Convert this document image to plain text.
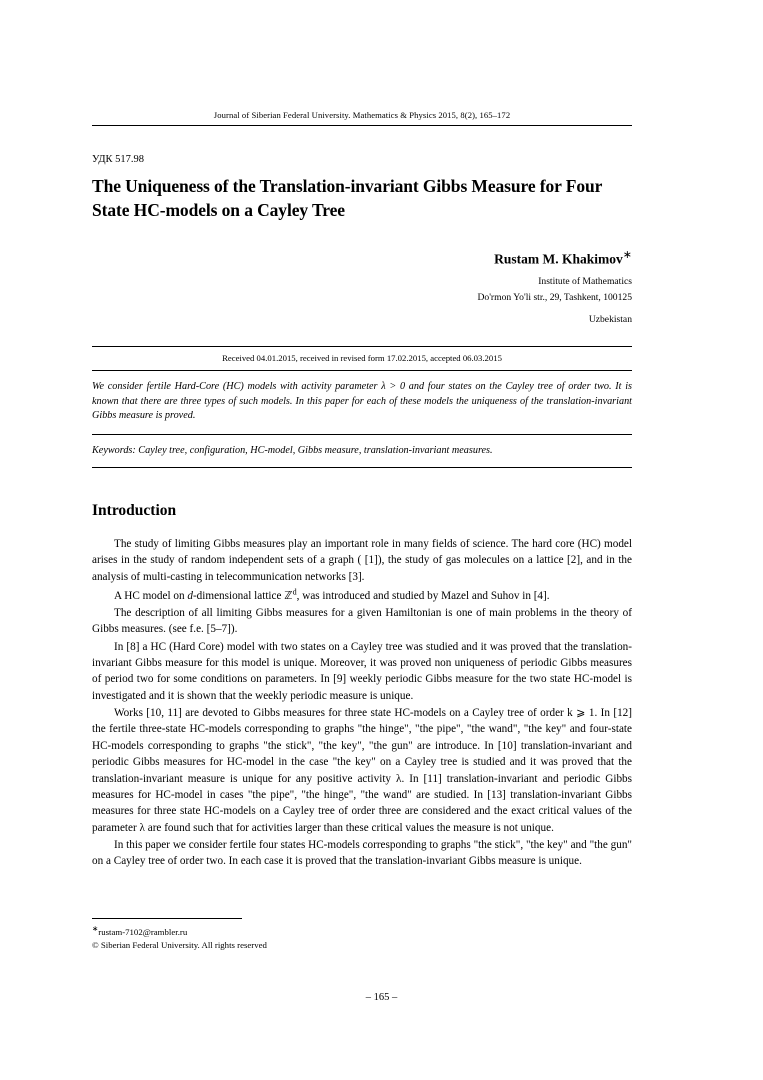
Journal of Siberian Federal University. Mathematics & Physics 2015, 8(2), 165–172
УДК 517.98
The Uniqueness of the Translation-invariant Gibbs Measure for Four State HC-models on a Cayley Tree
Rustam M. Khakimov∗
Institute of Mathematics
Do'rmon Yo'li str., 29, Tashkent, 100125
Uzbekistan
Received 04.01.2015, received in revised form 17.02.2015, accepted 06.03.2015
We consider fertile Hard-Core (HC) models with activity parameter λ > 0 and four states on the Cayley tree of order two. It is known that there are three types of such models. In this paper for each of these models the uniqueness of the translation-invariant Gibbs measure is proved.
Keywords: Cayley tree, configuration, HC-model, Gibbs measure, translation-invariant measures.
Introduction

The study of limiting Gibbs measures play an important role in many fields of science. The hard core (HC) model arises in the study of random independent sets of a graph ( [1]), the study of gas molecules on a lattice [2], and in the analysis of multi-casting in telecommunication networks [3].

A HC model on d-dimensional lattice ℤ$^d$, was introduced and studied by Mazel and Suhov in [4].

The description of all limiting Gibbs measures for a given Hamiltonian is one of main problems in the theory of Gibbs measures. (see f.e. [5–7]).

In [8] a HC (Hard Core) model with two states on a Cayley tree was studied and it was proved that the translation-invariant Gibbs measure for this model is unique. Moreover, it was proved non uniqueness of periodic Gibbs measures of period two for some conditions on parameters. In [9] weekly periodic Gibbs measure for the two state HC-model is investigated and it is shown that the weekly periodic measure is unique.

Works [10, 11] are devoted to Gibbs measures for three state HC-models on a Cayley tree of order k ⩾ 1. In [12] the fertile three-state HC-models corresponding to graphs "the hinge", "the pipe", "the wand", "the key" and four-state HC-models corresponding to graphs "the stick", "the key", "the gun" are introduce. In [10] translation-invariant and periodic Gibbs measures for HC-model in the case "the key" on a Cayley tree is studied and it was proved that the translation-invariant measure is unique for any positive activity λ. In [11] translation-invariant and periodic Gibbs measures for HC-model in cases "the pipe", "the hinge", "the wand" are studied. In [13] translation-invariant Gibbs measures for three state HC-models on a Cayley tree of order three are considered and the exact critical values of the parameter λ are found such that for activities larger than these critical values the measure is not unique.

In this paper we consider fertile four states HC-models corresponding to graphs "the stick", "the key" and "the gun" on a Cayley tree of order two. In each case it is proved that the translation-invariant Gibbs measure is unique.

∗rustam-7102@rambler.ru
© Siberian Federal University. All rights reserved
– 165 –
